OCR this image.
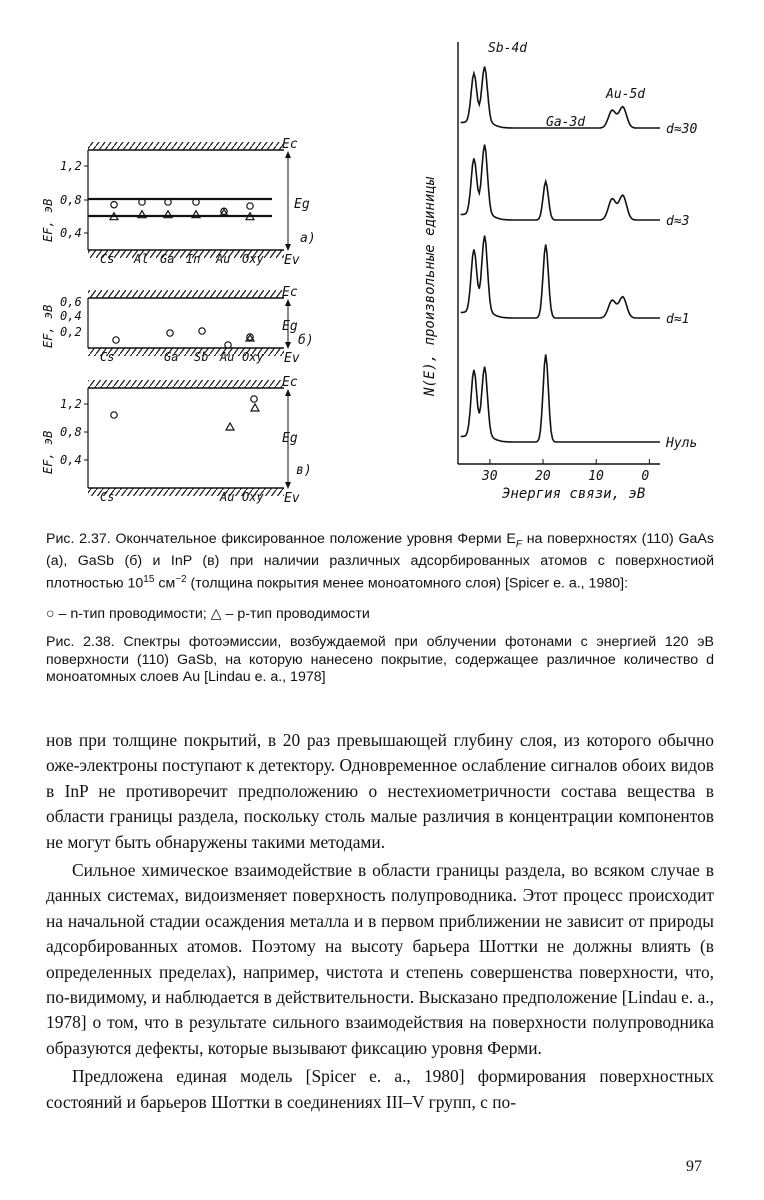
1,2
0,8
0,4
EF, эВ
Ec
Eg
Ev
а)
Cs Al Ga In Au Oxy
0,6
0,4
0,2
EF, эВ
Ec
Eg
Ev
б)
Cs	Ga Sb Au Oxy
1,2
0,8
0,4
EF, эВ
Ec
Eg
Ev
в)
Cs	Au Oxy
N(E), произвольные единицы
Энергия связи, эВ
Sb-4d
Ga-3d
Au-5d
d≈30
d≈3
d≈1
Нуль
30	20	10	0
Рис. 2.37. Окончательное фиксированное положение уровня Ферми $E_F$ на поверхностях (110) GaAs (а), GaSb (б) и InP (в) при наличии различных адсорбированных атомов с поверхностиой плотностью $10^{15}$ $см^{-2}$ (толщина покрытия менее моноатомного слоя) [Spicer e. a., 1980]:
○ – n-тип проводимости; △ – p-тип проводимости
Рис. 2.38. Спектры фотоэмиссии, возбуждаемой при облучении фотонами с энергией 120 эВ поверхности (110) GaSb, на которую нанесено покрытие, содержащее различное количество d моноатомных слоев Au [Lindau e. a., 1978]

нов при толщине покрытий, в 20 раз превышающей глубину слоя, из которого обычно оже-электроны поступают к детектору. Одновременное ослабление сигналов обоих видов в InP не противоречит предположению о нестехиометричности состава вещества в области границы раздела, поскольку столь малые различия в концентрации компонентов не могут быть обнаружены такими методами.

Сильное химическое взаимодействие в области границы раздела, во всяком случае в данных системах, видоизменяет поверхность полупроводника. Этот процесс происходит на начальной стадии осаждения металла и в первом приближении не зависит от природы адсорбированных атомов. Поэтому на высоту барьера Шоттки не должны влиять (в определенных пределах), например, чистота и степень совершенства поверхности, что, по-видимому, и наблюдается в действительности. Высказано предположение [Lindau e. a., 1978] о том, что в результате сильного взаимодействия на поверхности полупроводника образуются дефекты, которые вызывают фиксацию уровня Ферми.

Предложена единая модель [Spicer e. a., 1980] формирования поверхностных состояний и барьеров Шоттки в соединениях III–V групп, с по-

97
